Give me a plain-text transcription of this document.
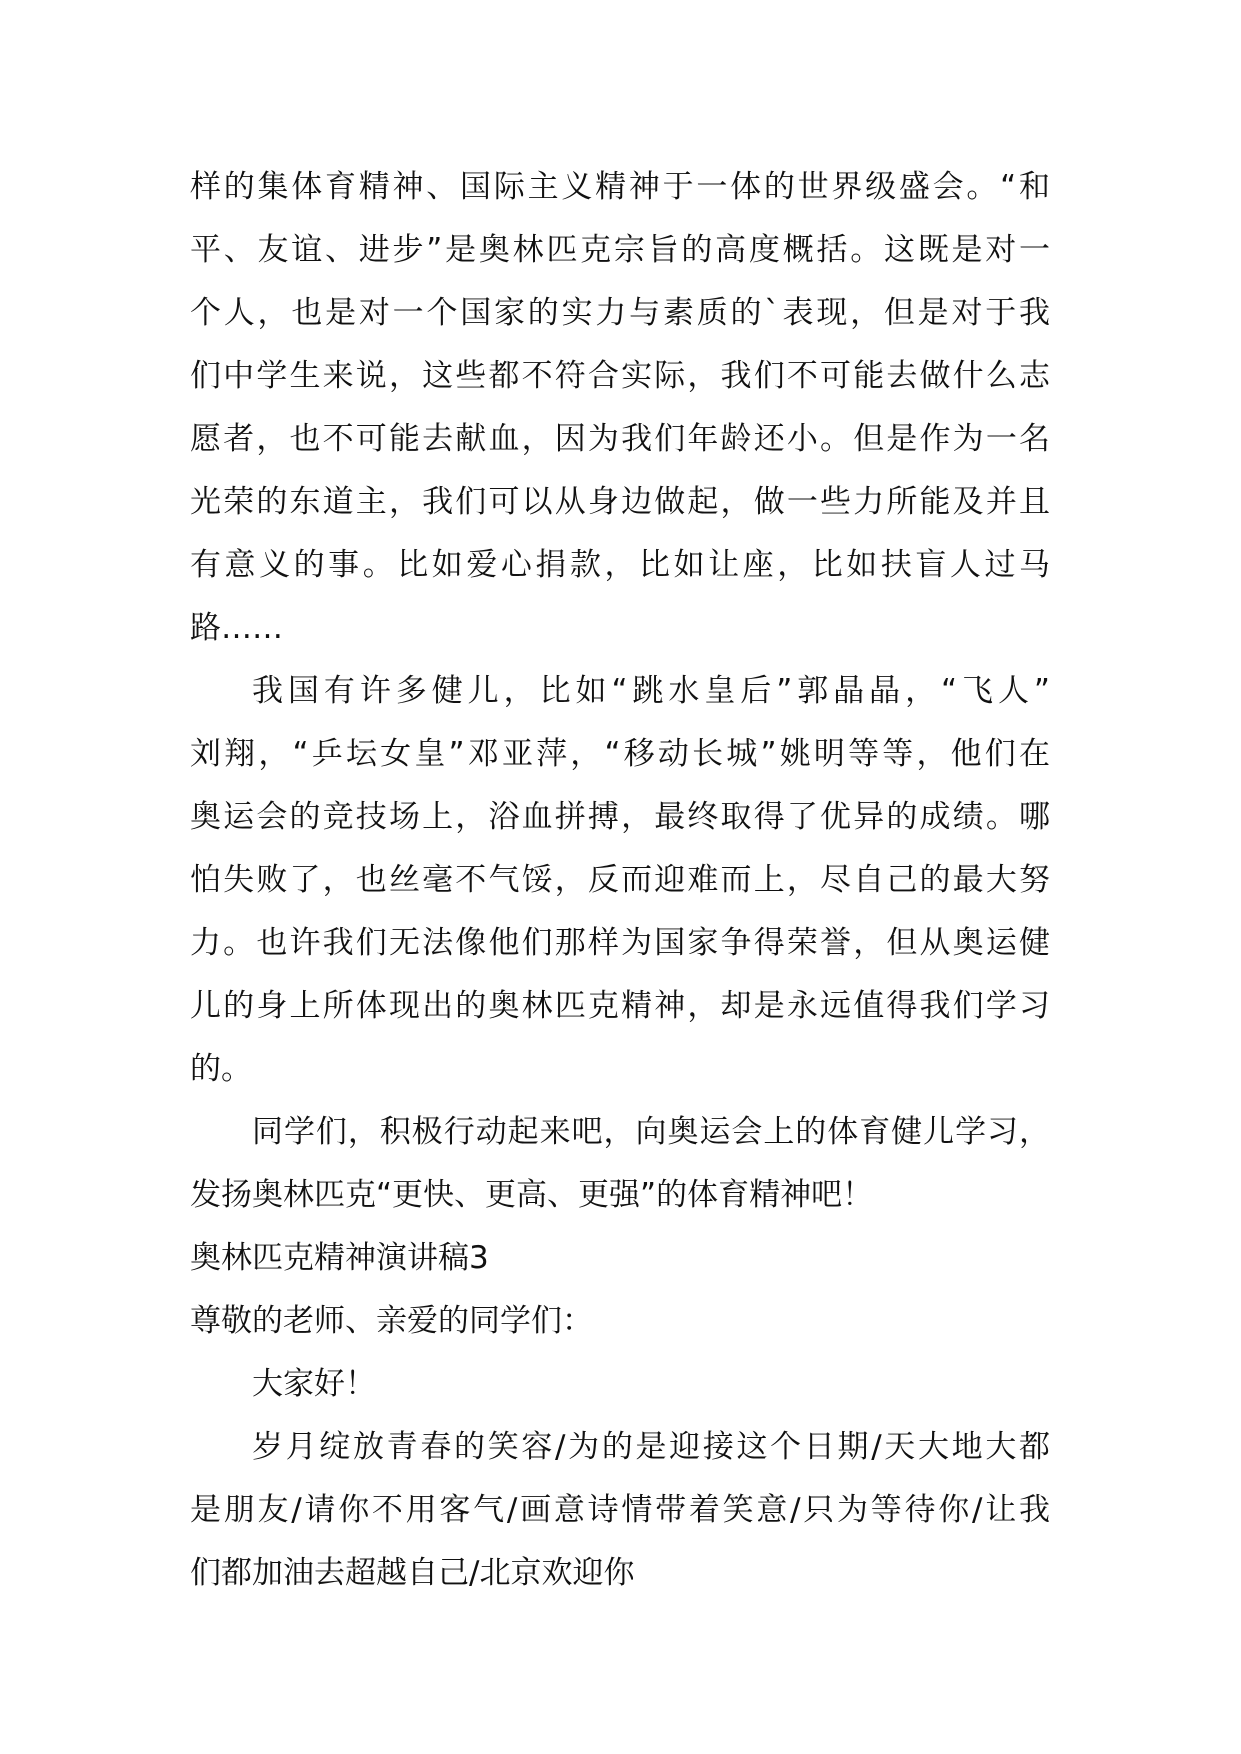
样的集体育精神、国际主义精神于一体的世界级盛会。“和
平、友谊、进步”是奥林匹克宗旨的高度概括。这既是对一
个人，也是对一个国家的实力与素质的`表现，但是对于我
们中学生来说，这些都不符合实际，我们不可能去做什么志
愿者，也不可能去献血，因为我们年龄还小。但是作为一名
光荣的东道主，我们可以从身边做起，做一些力所能及并且
有意义的事。比如爱心捐款，比如让座，比如扶盲人过马
路……
我国有许多健儿，比如“跳水皇后”郭晶晶，“飞人”
刘翔，“乒坛女皇”邓亚萍，“移动长城”姚明等等，他们在
奥运会的竞技场上，浴血拼搏，最终取得了优异的成绩。哪
怕失败了，也丝毫不气馁，反而迎难而上，尽自己的最大努
力。也许我们无法像他们那样为国家争得荣誉，但从奥运健
儿的身上所体现出的奥林匹克精神，却是永远值得我们学习
的。
同学们，积极行动起来吧，向奥运会上的体育健儿学习，
发扬奥林匹克“更快、更高、更强”的体育精神吧！
奥林匹克精神演讲稿3
尊敬的老师、亲爱的同学们：
大家好！
岁月绽放青春的笑容/为的是迎接这个日期/天大地大都
是朋友/请你不用客气/画意诗情带着笑意/只为等待你/让我
们都加油去超越自己/北京欢迎你
